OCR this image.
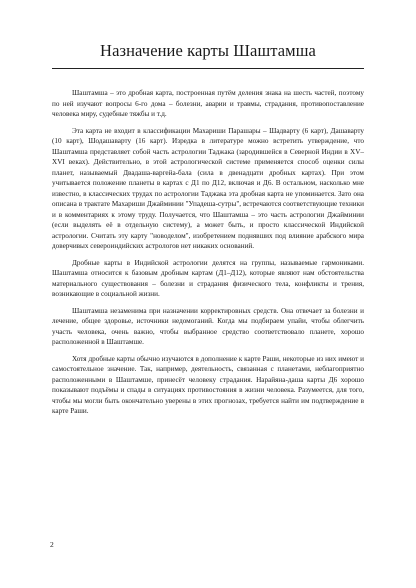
Назначение карты Шаштамша

Шаштамша – это дробная карта, построенная путём деления знака на шесть частей, поэтому по ней изучают вопросы 6-го дома – болезни, аварии и травмы, страдания, противопоставление человека миру, судебные тяжбы и т.д.

Эта карта не входит в классификации Махариши Парашары – Шадварту (6 карт), Дашаварту (10 карт), Шодашаварту (16 карт). Изредка в литературе можно встретить утверждение, что Шаштамша представляет собой часть астрологии Таджака (зародившейся в Северной Индии в XV–XVI веках). Действительно, в этой астрологической системе применяется способ оценки силы планет, называемый Двадаша-варгейа-бала (сила в двенадцати дробных картах). При этом учитывается положение планеты в картах с Д1 по Д12, включая и Д6. В остальном, насколько мне известно, в классических трудах по астрологии Таджака эта дробная карта не упоминается. Зато она описана в трактате Махариши Джайминии "Упадеша-сутры", встречаются соответствующие техники и в комментариях к этому труду. Получается, что Шаштамша – это часть астрологии Джайминии (если выделять её в отдельную систему), а может быть, и просто классической Индийской астрологии. Считать эту карту "новоделом", изобретением поднявших под влияние арабского мира доверчивых североиндийских астрологов нет никаких оснований.

Дробные карты в Индийской астрологии делятся на группы, называемые гармониками. Шаштамша относится к базовым дробным картам (Д1–Д12), которые являют нам обстоятельства материального существования – болезни и страдания физического тела, конфликты и трения, возникающие в социальной жизни.

Шаштамша незаменима при назначении корректировных средств. Она отвечает за болезни и лечение, общее здоровье, источники недомоганий. Когда мы подбираем упайи, чтобы облегчить участь человека, очень важно, чтобы выбранное средство соответствовало планете, хорошо расположенной в Шаштамше.

Хотя дробные карты обычно изучаются в дополнение к карте Раши, некоторые из них имеют и самостоятельное значение. Так, например, деятельность, связанная с планетами, неблагоприятно расположенными в Шаштамше, принесёт человеку страдания. Нарайяна-даша карты Д6 хорошо показывают подъёмы и спады в ситуациях противостояния в жизни человека. Разумеется, для того, чтобы мы могли быть окончательно уверены в этих прогнозах, требуется найти им подтверждение в карте Раши.

2
